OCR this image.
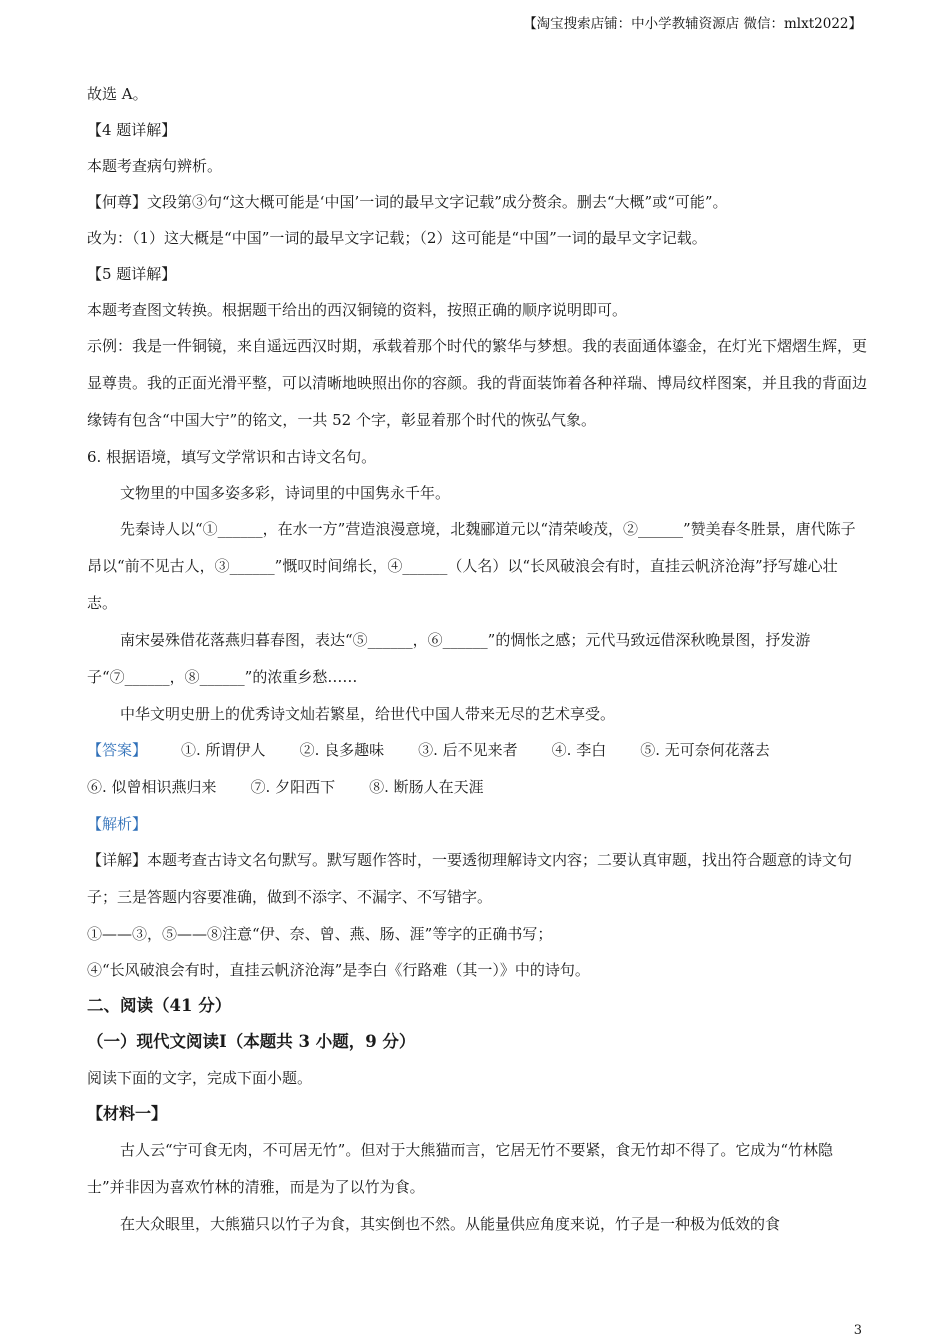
【淘宝搜索店铺：中小学教辅资源店 微信：mlxt2022】
故选 A。
【4 题详解】
本题考查病句辨析。
【何尊】文段第③句“这大概可能是‘中国’一词的最早文字记载”成分赘余。删去“大概”或“可能”。
改为：（1）这大概是“中国”一词的最早文字记载；（2）这可能是“中国”一词的最早文字记载。
【5 题详解】
本题考查图文转换。根据题干给出的西汉铜镜的资料，按照正确的顺序说明即可。
示例：我是一件铜镜，来自遥远西汉时期，承载着那个时代的繁华与梦想。我的表面通体鎏金，在灯光下熠熠生辉，更显尊贵。我的正面光滑平整，可以清晰地映照出你的容颜。我的背面装饰着各种祥瑞、博局纹样图案，并且我的背面边缘铸有包含“中国大宁”的铭文，一共 52 个字，彰显着那个时代的恢弘气象。
6. 根据语境，填写文学常识和古诗文名句。
文物里的中国多姿多彩，诗词里的中国隽永千年。
先秦诗人以“①______，在水一方”营造浪漫意境，北魏郦道元以“清荣峻茂，②______”赞美春冬胜景，唐代陈子昂以“前不见古人，③______”慨叹时间绵长，④______（人名）以“长风破浪会有时，直挂云帆济沧海”抒写雄心壮志。
南宋晏殊借花落燕归暮春图，表达“⑤______，⑥______”的惆怅之感；元代马致远借深秋晚景图，抒发游子“⑦______，⑧______”的浓重乡愁……
中华文明史册上的优秀诗文灿若繁星，给世代中国人带来无尽的艺术享受。
【答案】 ①. 所谓伊人 ②. 良多趣味 ③. 后不见来者 ④. 李白 ⑤. 无可奈何花落去⑥. 似曾相识燕归来 ⑦. 夕阳西下 ⑧. 断肠人在天涯
【解析】
【详解】本题考查古诗文名句默写。默写题作答时，一要透彻理解诗文内容；二要认真审题，找出符合题意的诗文句子；三是答题内容要准确，做到不添字、不漏字、不写错字。
①——③，⑤——⑧注意“伊、奈、曾、燕、肠、涯”等字的正确书写；
④“长风破浪会有时，直挂云帆济沧海”是李白《行路难（其一）》中的诗句。
二、阅读（41 分）
（一）现代文阅读Ⅰ（本题共 3 小题，9 分）
阅读下面的文字，完成下面小题。
【材料一】
古人云“宁可食无肉，不可居无竹”。但对于大熊猫而言，它居无竹不要紧，食无竹却不得了。它成为“竹林隐士”并非因为喜欢竹林的清雅，而是为了以竹为食。
在大众眼里，大熊猫只以竹子为食，其实倒也不然。从能量供应角度来说，竹子是一种极为低效的食
3
